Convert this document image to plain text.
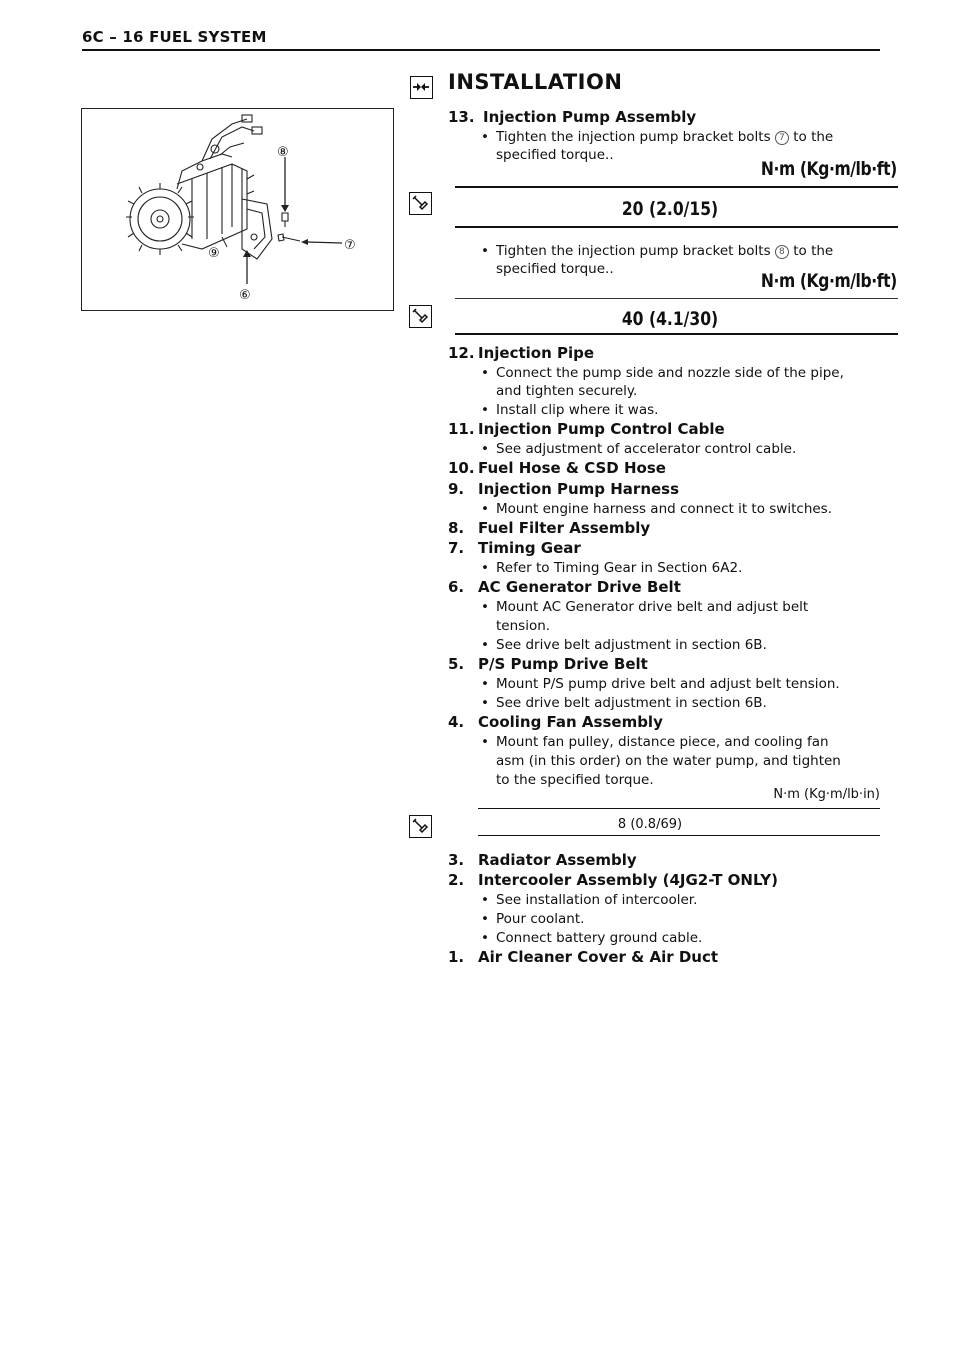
6C – 16 FUEL SYSTEM
⑧
⑦
⑨
⑥
INSTALLATION
13. Injection Pump Assembly
• Tighten the injection pump bracket bolts 7 to the
specified torque..
N·m (Kg·m/lb·ft)
20 (2.0/15)
• Tighten the injection pump bracket bolts 8 to the
specified torque..
N·m (Kg·m/lb·ft)
40 (4.1/30)
12. Injection Pipe
• Connect the pump side and nozzle side of the pipe,
and tighten securely.
• Install clip where it was.
11. Injection Pump Control Cable
• See adjustment of accelerator control cable.
10. Fuel Hose & CSD Hose
9. Injection Pump Harness
• Mount engine harness and connect it to switches.
8. Fuel Filter Assembly
7. Timing Gear
• Refer to Timing Gear in Section 6A2.
6. AC Generator Drive Belt
• Mount AC Generator drive belt and adjust belt
tension.
• See drive belt adjustment in section 6B.
5. P/S Pump Drive Belt
• Mount P/S pump drive belt and adjust belt tension.
• See drive belt adjustment in section 6B.
4. Cooling Fan Assembly
• Mount fan pulley, distance piece, and cooling fan
asm (in this order) on the water pump, and tighten
to the specified torque.
N·m (Kg·m/lb·in)
8 (0.8/69)
3. Radiator Assembly
2. Intercooler Assembly (4JG2-T ONLY)
• See installation of intercooler.
• Pour coolant.
• Connect battery ground cable.
1. Air Cleaner Cover & Air Duct
